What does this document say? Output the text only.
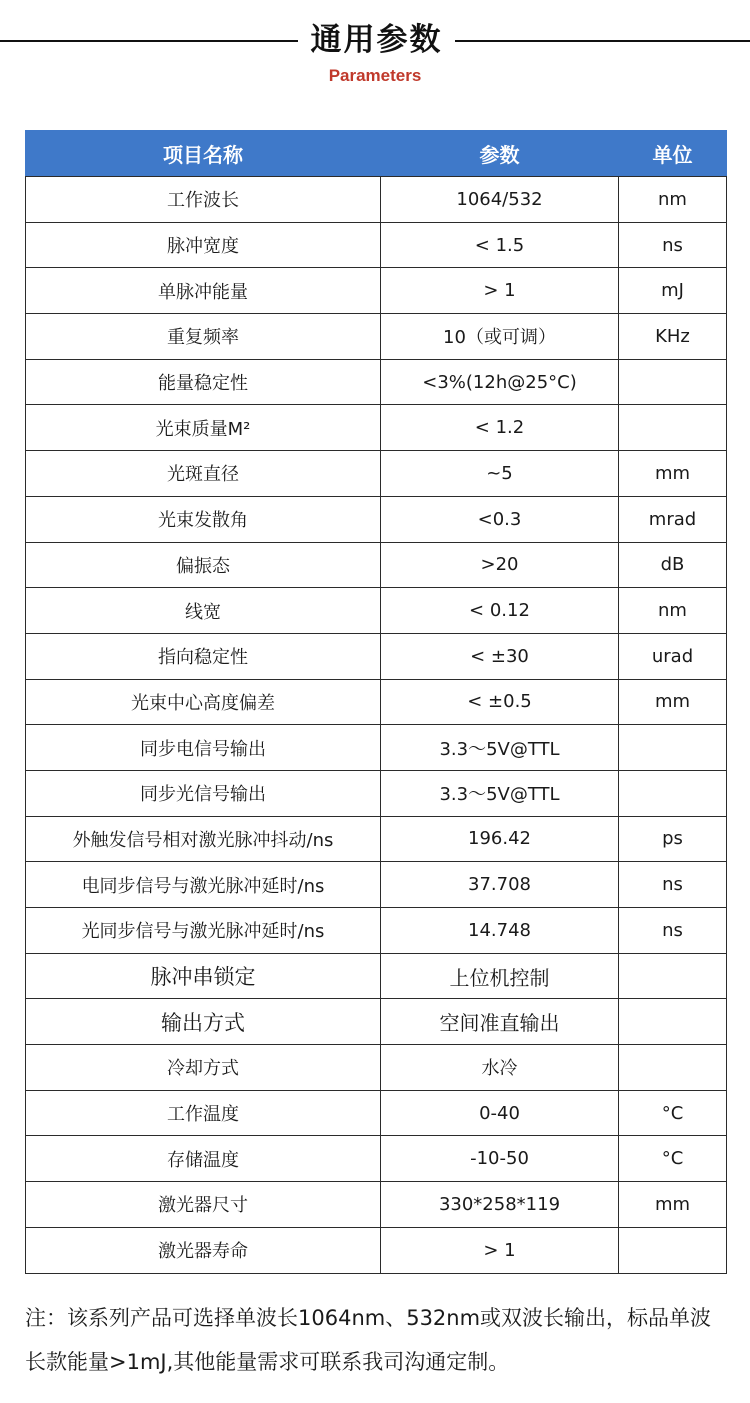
通用参数
Parameters
项目名称	参数	单位
工作波长	1064/532	nm
脉冲宽度	< 1.5	ns
单脉冲能量	> 1	mJ
重复频率	10（或可调）	KHz
能量稳定性	<3%(12h@25°C)	
光束质量M²	< 1.2	
光斑直径	~5	mm
光束发散角	<0.3	mrad
偏振态	>20	dB
线宽	< 0.12	nm
指向稳定性	< ±30	urad
光束中心高度偏差	< ±0.5	mm
同步电信号输出	3.3～5V@TTL	
同步光信号输出	3.3～5V@TTL	
外触发信号相对激光脉冲抖动/ns	196.42	ps
电同步信号与激光脉冲延时/ns	37.708	ns
光同步信号与激光脉冲延时/ns	14.748	ns
脉冲串锁定	上位机控制	
输出方式	空间准直输出	
冷却方式	水冷	
工作温度	0-40	°C
存储温度	-10-50	°C
激光器尺寸	330*258*119	mm
激光器寿命	> 1	
注：该系列产品可选择单波长1064nm、532nm或双波长输出，标品单波长款能量>1mJ,其他能量需求可联系我司沟通定制。
